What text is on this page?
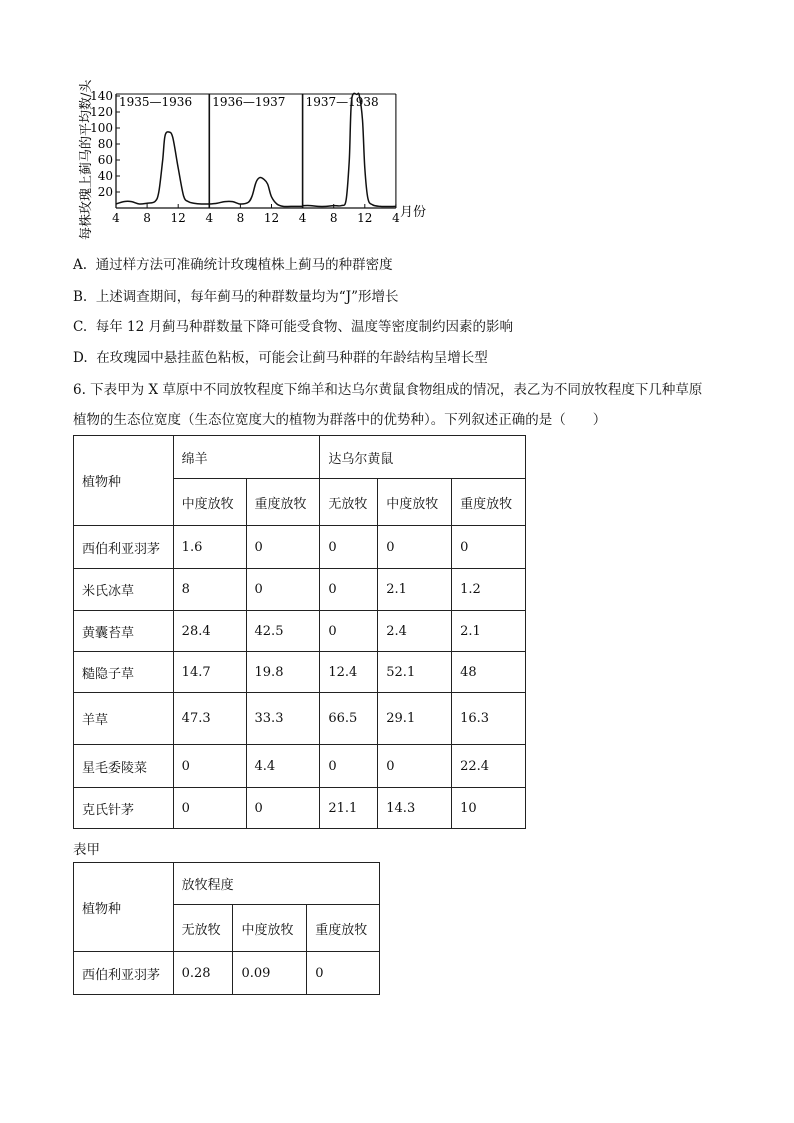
每株玫瑰上蓟马的平均数/头 1935—1936 1936—1937 1937—1938
20
40
60
80
100
120
140
4 8 12 4 8 12 4 8 12 4 月份
A. 通过样方法可准确统计玫瑰植株上蓟马的种群密度
B. 上述调查期间，每年蓟马的种群数量均为“J”形增长
C. 每年 12 月蓟马种群数量下降可能受食物、温度等密度制约因素的影响
D. 在玫瑰园中悬挂蓝色粘板，可能会让蓟马种群的年龄结构呈增长型
6. 下表甲为 X 草原中不同放牧程度下绵羊和达乌尔黄鼠食物组成的情况，表乙为不同放牧程度下几种草原
植物的生态位宽度（生态位宽度大的植物为群落中的优势种）。下列叙述正确的是（　　）
植物种	绵羊		达乌尔黄鼠		
	中度放牧	重度放牧	无放牧	中度放牧	重度放牧
西伯利亚羽茅	1.6	0	0	0	0
米氏冰草	8	0	0	2.1	1.2
黄囊苔草	28.4	42.5	0	2.4	2.1
糙隐子草	14.7	19.8	12.4	52.1	48
羊草	47.3	33.3	66.5	29.1	16.3
星毛委陵菜	0	4.4	0	0	22.4
克氏针茅	0	0	21.1	14.3	10
表甲
植物种	放牧程度		
	无放牧	中度放牧	重度放牧
西伯利亚羽茅	0.28	0.09	0
